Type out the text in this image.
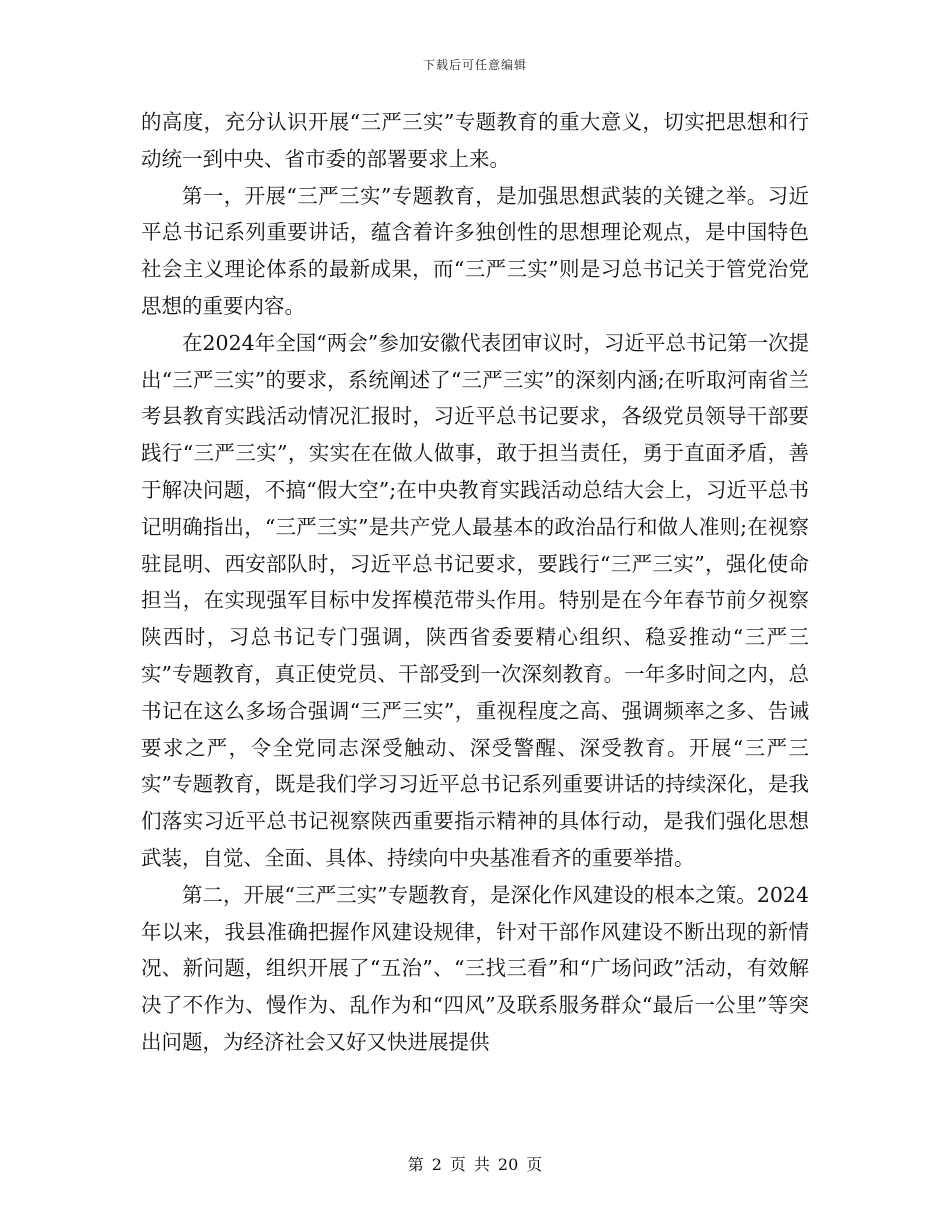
下载后可任意编辑

的高度，充分认识开展“三严三实”专题教育的重大意义，切实把思想和行动统一到中央、省市委的部署要求上来。

第一，开展“三严三实”专题教育，是加强思想武装的关键之举。习近平总书记系列重要讲话，蕴含着许多独创性的思想理论观点，是中国特色社会主义理论体系的最新成果，而“三严三实”则是习总书记关于管党治党思想的重要内容。

在2024年全国“两会”参加安徽代表团审议时，习近平总书记第一次提出“三严三实”的要求，系统阐述了“三严三实”的深刻内涵;在听取河南省兰考县教育实践活动情况汇报时，习近平总书记要求，各级党员领导干部要践行“三严三实”，实实在在做人做事，敢于担当责任，勇于直面矛盾，善于解决问题，不搞“假大空”;在中央教育实践活动总结大会上，习近平总书记明确指出，“三严三实”是共产党人最基本的政治品行和做人准则;在视察驻昆明、西安部队时，习近平总书记要求，要践行“三严三实”，强化使命担当，在实现强军目标中发挥模范带头作用。特别是在今年春节前夕视察陕西时，习总书记专门强调，陕西省委要精心组织、稳妥推动“三严三实”专题教育，真正使党员、干部受到一次深刻教育。一年多时间之内，总书记在这么多场合强调“三严三实”，重视程度之高、强调频率之多、告诫要求之严，令全党同志深受触动、深受警醒、深受教育。开展“三严三实”专题教育，既是我们学习习近平总书记系列重要讲话的持续深化，是我们落实习近平总书记视察陕西重要指示精神的具体行动，是我们强化思想武装，自觉、全面、具体、持续向中央基准看齐的重要举措。

第二，开展“三严三实”专题教育，是深化作风建设的根本之策。2024年以来，我县准确把握作风建设规律，针对干部作风建设不断出现的新情况、新问题，组织开展了“五治”、“三找三看”和“广场问政”活动，有效解决了不作为、慢作为、乱作为和“四风”及联系服务群众“最后一公里”等突出问题，为经济社会又好又快进展提供

第 2 页 共 20 页
